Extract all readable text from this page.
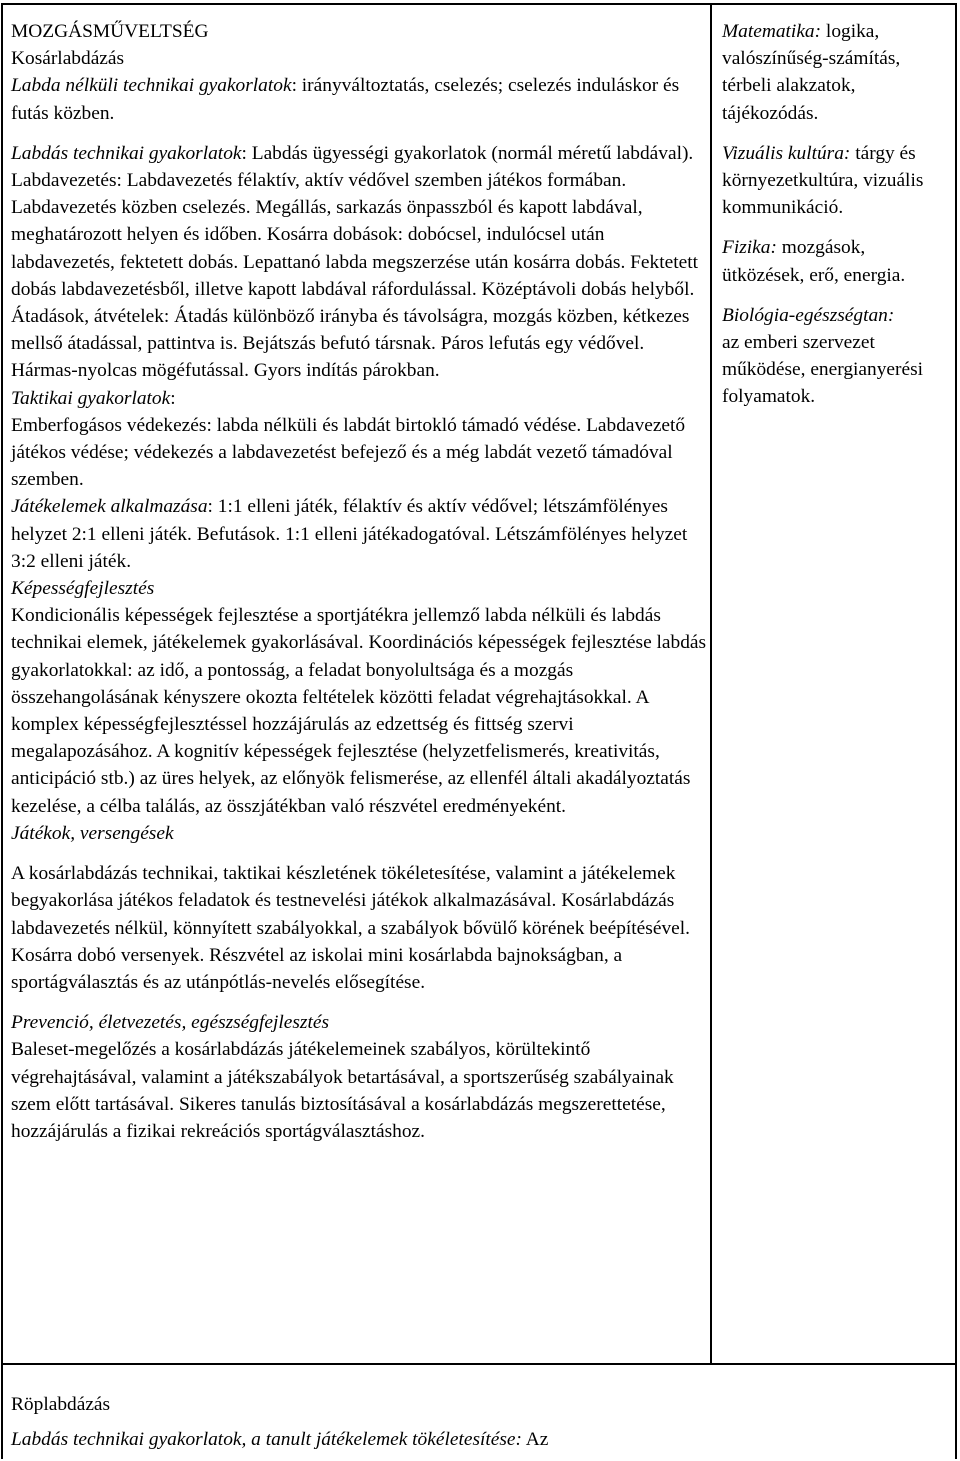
MOZGÁSMŰVELTSÉG

Kosárlabdázás

Labda nélküli technikai gyakorlatok: irányváltoztatás, cselezés; cselezés induláskor és futás közben.

Labdás technikai gyakorlatok: Labdás ügyességi gyakorlatok (normál méretű labdával). Labdavezetés: Labdavezetés félaktív, aktív védővel szemben játékos formában. Labdavezetés közben cselezés. Megállás, sarkazás önpasszból és kapott labdával, meghatározott helyen és időben. Kosárra dobások: dobócsel, indulócsel után labdavezetés, fektetett dobás. Lepattanó labda megszerzése után kosárra dobás. Fektetett dobás labdavezetésből, illetve kapott labdával ráfordulással. Középtávoli dobás helyből. Átadások, átvételek: Átadás különböző irányba és távolságra, mozgás közben, kétkezes mellső átadással, pattintva is. Bejátszás befutó társnak. Páros lefutás egy védővel. Hármas-nyolcas mögéfutással. Gyors indítás párokban.

Taktikai gyakorlatok:

Emberfogásos védekezés: labda nélküli és labdát birtokló támadó védése. Labdavezető játékos védése; védekezés a labdavezetést befejező és a még labdát vezető támadóval szemben.

Játékelemek alkalmazása: 1:1 elleni játék, félaktív és aktív védővel; létszámfölényes helyzet 2:1 elleni játék. Befutások. 1:1 elleni játékadogatóval. Létszámfölényes helyzet 3:2 elleni játék.

Képességfejlesztés

Kondicionális képességek fejlesztése a sportjátékra jellemző labda nélküli és labdás technikai elemek, játékelemek gyakorlásával. Koordinációs képességek fejlesztése labdás gyakorlatokkal: az idő, a pontosság, a feladat bonyolultsága és a mozgás összehangolásának kényszere okozta feltételek közötti feladat végrehajtásokkal. A komplex képességfejlesztéssel hozzájárulás az edzettség és fittség szervi megalapozásához. A kognitív képességek fejlesztése (helyzetfelismerés, kreativitás, anticipáció stb.) az üres helyek, az előnyök felismerése, az ellenfél általi akadályoztatás kezelése, a célba találás, az összjátékban való részvétel eredményeként.

Játékok, versengések

A kosárlabdázás technikai, taktikai készletének tökéletesítése, valamint a játékelemek begyakorlása játékos feladatok és testnevelési játékok alkalmazásával. Kosárlabdázás labdavezetés nélkül, könnyített szabályokkal, a szabályok bővülő körének beépítésével. Kosárra dobó versenyek. Részvétel az iskolai mini kosárlabda bajnokságban, a sportágválasztás és az utánpótlás-nevelés elősegítése.

Prevenció, életvezetés, egészségfejlesztés

Baleset-megelőzés a kosárlabdázás játékelemeinek szabályos, körültekintő végrehajtásával, valamint a játékszabályok betartásával, a sportszerűség szabályainak szem előtt tartásával. Sikeres tanulás biztosításával a kosárlabdázás megszerettetése, hozzájárulás a fizikai rekreációs sportágválasztáshoz.

Matematika: logika, valószínűség-számítás, térbeli alakzatok, tájékozódás.

Vizuális kultúra: tárgy és környezetkultúra, vizuális kommunikáció.

Fizika: mozgások, ütközések, erő, energia.

Biológia-egészségtan:

az emberi szervezet működése, energianyerési folyamatok.

Röplabdázás

Labdás technikai gyakorlatok, a tanult játékelemek tökéletesítése: Az
